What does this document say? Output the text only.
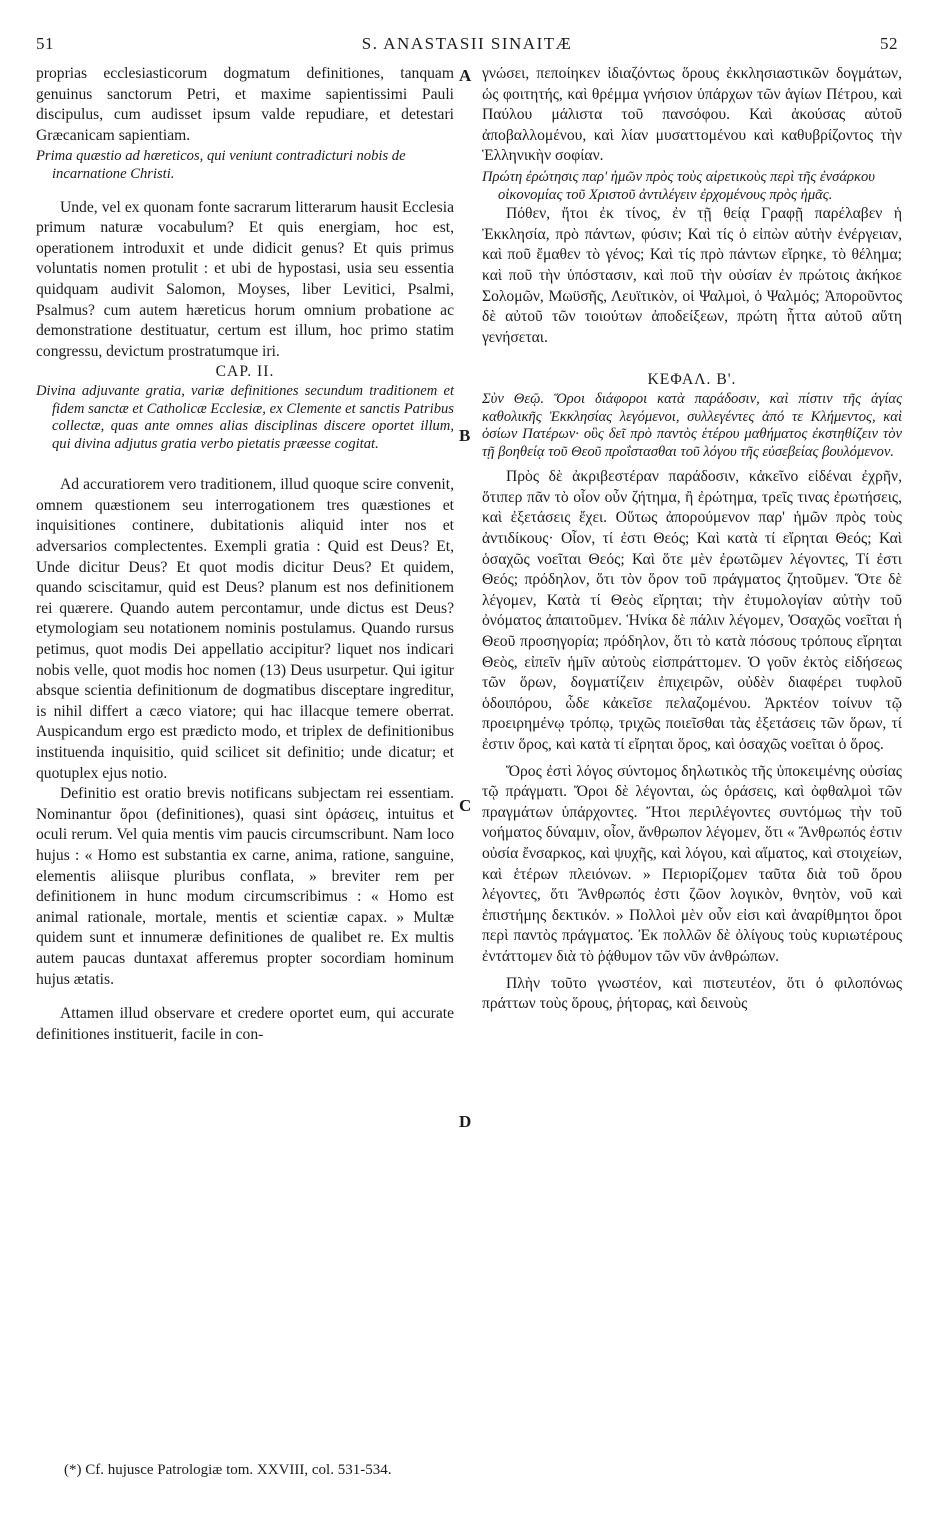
51	S. ANASTASII SINAITÆ	52

proprias ecclesiasticorum dogmatum definitiones, tanquam genuinus sanctorum Petri, et maxime sapientissimi Pauli discipulus, cum audisset ipsum valde repudiare, et detestari Græcanicam sapientiam.

Prima quæstio ad hæreticos, qui veniunt contradicturi nobis de incarnatione Christi.

Unde, vel ex quonam fonte sacrarum litterarum hausit Ecclesia primum naturæ vocabulum? Et quis energiam, hoc est, operationem introduxit et unde didicit genus? Et quis primus voluntatis nomen protulit : et ubi de hypostasi, usia seu essentia quidquam audivit Salomon, Moyses, liber Levitici, Psalmi, Psalmus? cum autem hæreticus horum omnium probatione ac demonstratione destituatur, certum est illum, hoc primo statim congressu, devictum prostratumque iri.

CAP. II.

Divina adjuvante gratia, variæ definitiones secundum traditionem et fidem sanctæ et Catholicæ Ecclesiæ, ex Clemente et sanctis Patribus collectæ, quas ante omnes alias disciplinas discere oportet illum, qui divina adjutus gratia verbo pietatis præesse cogitat.

Ad accuratiorem vero traditionem, illud quoque scire convenit, omnem quæstionem seu interrogationem tres quæstiones et inquisitiones continere, dubitationis aliquid inter nos et adversarios complectentes. Exempli gratia : Quid est Deus? Et, Unde dicitur Deus? Et quot modis dicitur Deus? Et quidem, quando sciscitamur, quid est Deus? planum est nos definitionem rei quærere. Quando autem percontamur, unde dictus est Deus? etymologiam seu notationem nominis postulamus. Quando rursus petimus, quot modis Dei appellatio accipitur? liquet nos indicari nobis velle, quot modis hoc nomen (13) Deus usurpetur. Qui igitur absque scientia definitionum de dogmatibus disceptare ingreditur, is nihil differt a cæco viatore; qui hac illacque temere oberrat. Auspicandum ergo est prædicto modo, et triplex de definitionibus instituenda inquisitio, quid scilicet sit definitio; unde dicatur; et quotuplex ejus notio.

Definitio est oratio brevis notificans subjectam rei essentiam. Nominantur ὅροι (definitiones), quasi sint ὁράσεις, intuitus et oculi rerum. Vel quia mentis vim paucis circumscribunt. Nam loco hujus : « Homo est substantia ex carne, anima, ratione, sanguine, elementis aliisque pluribus conflata, » breviter rem per definitionem in hunc modum circumscribimus : « Homo est animal rationale, mortale, mentis et scientiæ capax. » Multæ quidem sunt et innumeræ definitiones de qualibet re. Ex multis autem paucas duntaxat afferemus propter socordiam hominum hujus ætatis.

Attamen illud observare et credere oportet eum, qui accurate definitiones instituerit, facile in con-

A
B
C
D

γνώσει, πεποίηκεν ἰδιαζόντως ὅρους ἐκκλησιαστικῶν δογμάτων, ὡς φοιτητής, καὶ θρέμμα γνήσιον ὑπάρχων τῶν ἁγίων Πέτρου, καὶ Παύλου μάλιστα τοῦ πανσόφου. Καὶ ἀκούσας αὐτοῦ ἀποβαλλομένου, καὶ λίαν μυσαττομένου καὶ καθυβρίζοντος τὴν Ἑλληνικὴν σοφίαν.

Πρώτη ἐρώτησις παρ' ἡμῶν πρὸς τοὺς αἱρετικοὺς περὶ τῆς ἐνσάρκου οἰκονομίας τοῦ Χριστοῦ ἀντιλέγειν ἐρχομένους πρὸς ἡμᾶς.

Πόθεν, ἤτοι ἐκ τίνος, ἐν τῇ θείᾳ Γραφῇ παρέλαβεν ἡ Ἐκκλησία, πρὸ πάντων, φύσιν; Καὶ τίς ὁ εἰπὼν αὐτὴν ἐνέργειαν, καὶ ποῦ ἔμαθεν τὸ γένος; Καὶ τίς πρὸ πάντων εἴρηκε, τὸ θέλημα; καὶ ποῦ τὴν ὑπόστασιν, καὶ ποῦ τὴν οὐσίαν ἐν πρώτοις ἀκήκοε Σολομῶν, Μωϋσῆς, Λευϊτικὸν, οἱ Ψαλμοὶ, ὁ Ψαλμός; Ἀποροῦντος δὲ αὐτοῦ τῶν τοιούτων ἀποδείξεων, πρώτη ἧττα αὐτοῦ αὕτη γενήσεται.

ΚΕΦΑΛ. Β'.

Σὺν Θεῷ. Ὅροι διάφοροι κατὰ παράδοσιν, καὶ πίστιν τῆς ἁγίας καθολικῆς Ἐκκλησίας λεγόμενοι, συλλεγέντες ἀπό τε Κλήμεντος, καὶ ὁσίων Πατέρων· οὓς δεῖ πρὸ παντὸς ἑτέρου μαθήματος ἐκστηθίζειν τὸν τῇ βοηθείᾳ τοῦ Θεοῦ προΐστασθαι τοῦ λόγου τῆς εὐσεβείας βουλόμενον.

Πρὸς δὲ ἀκριβεστέραν παράδοσιν, κἀκεῖνο εἰδέναι ἐχρῆν, ὅτιπερ πᾶν τὸ οἷον οὖν ζήτημα, ἢ ἐρώτημα, τρεῖς τινας ἐρωτήσεις, καὶ ἐξετάσεις ἔχει. Οὕτως ἀπορούμενον παρ' ἡμῶν πρὸς τοὺς ἀντιδίκους· Οἷον, τί ἐστι Θεός; Καὶ κατὰ τί εἴρηται Θεός; Καὶ ὁσαχῶς νοεῖται Θεός; Καὶ ὅτε μὲν ἐρωτῶμεν λέγοντες, Τί ἐστι Θεός; πρόδηλον, ὅτι τὸν ὅρον τοῦ πράγματος ζητοῦμεν. Ὅτε δὲ λέγομεν, Κατὰ τί Θεὸς εἴρηται; τὴν ἐτυμολογίαν αὐτὴν τοῦ ὀνόματος ἀπαιτοῦμεν. Ἡνίκα δὲ πάλιν λέγομεν, Ὁσαχῶς νοεῖται ἡ Θεοῦ προσηγορία; πρόδηλον, ὅτι τὸ κατὰ πόσους τρόπους εἴρηται Θεὸς, εἰπεῖν ἡμῖν αὐτοὺς εἰσπράττομεν. Ὁ γοῦν ἐκτὸς εἰδήσεως τῶν ὅρων, δογματίζειν ἐπιχειρῶν, οὐδὲν διαφέρει τυφλοῦ ὁδοιπόρου, ὧδε κἀκεῖσε πελαζομένου. Ἀρκτέον τοίνυν τῷ προειρημένῳ τρόπῳ, τριχῶς ποιεῖσθαι τὰς ἐξετάσεις τῶν ὅρων, τί ἐστιν ὅρος, καὶ κατὰ τί εἴρηται ὅρος, καὶ ὁσαχῶς νοεῖται ὁ ὅρος.

Ὅρος ἐστὶ λόγος σύντομος δηλωτικὸς τῆς ὑποκειμένης οὐσίας τῷ πράγματι. Ὅροι δὲ λέγονται, ὡς ὁράσεις, καὶ ὀφθαλμοὶ τῶν πραγμάτων ὑπάρχοντες. Ἤτοι περιλέγοντες συντόμως τὴν τοῦ νοήματος δύναμιν, οἷον, ἄνθρωπον λέγομεν, ὅτι « Ἄνθρωπός ἐστιν οὐσία ἔνσαρκος, καὶ ψυχῆς, καὶ λόγου, καὶ αἵματος, καὶ στοιχείων, καὶ ἑτέρων πλειόνων. » Περιορίζομεν ταῦτα διὰ τοῦ ὅρου λέγοντες, ὅτι Ἄνθρωπός ἐστι ζῶον λογικὸν, θνητὸν, νοῦ καὶ ἐπιστήμης δεκτικόν. » Πολλοὶ μὲν οὖν εἰσι καὶ ἀναρίθμητοι ὅροι περὶ παντὸς πράγματος. Ἐκ πολλῶν δὲ ὀλίγους τοὺς κυριωτέρους ἐντάττομεν διὰ τὸ ῥᾴθυμον τῶν νῦν ἀνθρώπων.

Πλὴν τοῦτο γνωστέον, καὶ πιστευτέον, ὅτι ὁ φιλοπόνως πράττων τοὺς ὅρους, ῥήτορας, καὶ δεινοὺς

(*) Cf. hujusce Patrologiæ tom. XXVIII, col. 531-534.
